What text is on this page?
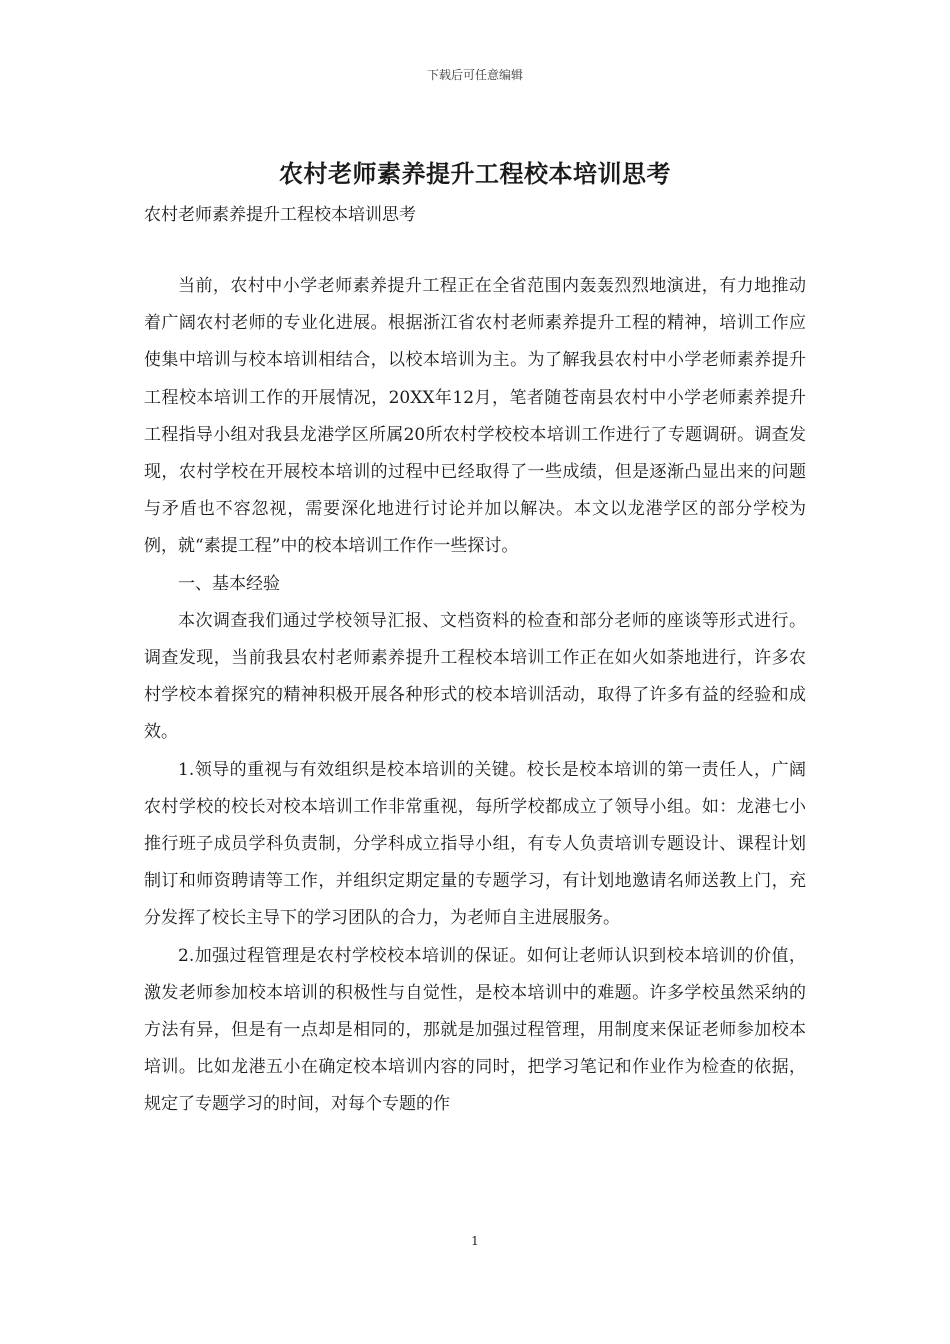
下载后可任意编辑
农村老师素养提升工程校本培训思考
农村老师素养提升工程校本培训思考

当前，农村中小学老师素养提升工程正在全省范围内轰轰烈烈地演进，有力地推动着广阔农村老师的专业化进展。根据浙江省农村老师素养提升工程的精神，培训工作应使集中培训与校本培训相结合，以校本培训为主。为了解我县农村中小学老师素养提升工程校本培训工作的开展情况，20XX年12月，笔者随苍南县农村中小学老师素养提升工程指导小组对我县龙港学区所属20所农村学校校本培训工作进行了专题调研。调查发现，农村学校在开展校本培训的过程中已经取得了一些成绩，但是逐渐凸显出来的问题与矛盾也不容忽视，需要深化地进行讨论并加以解决。本文以龙港学区的部分学校为例，就“素提工程”中的校本培训工作作一些探讨。

一、基本经验

本次调查我们通过学校领导汇报、文档资料的检查和部分老师的座谈等形式进行。调查发现，当前我县农村老师素养提升工程校本培训工作正在如火如荼地进行，许多农村学校本着探究的精神积极开展各种形式的校本培训活动，取得了许多有益的经验和成效。

1.领导的重视与有效组织是校本培训的关键。校长是校本培训的第一责任人，广阔农村学校的校长对校本培训工作非常重视，每所学校都成立了领导小组。如：龙港七小推行班子成员学科负责制，分学科成立指导小组，有专人负责培训专题设计、课程计划制订和师资聘请等工作，并组织定期定量的专题学习，有计划地邀请名师送教上门，充分发挥了校长主导下的学习团队的合力，为老师自主进展服务。

2.加强过程管理是农村学校校本培训的保证。如何让老师认识到校本培训的价值，激发老师参加校本培训的积极性与自觉性，是校本培训中的难题。许多学校虽然采纳的方法有异，但是有一点却是相同的，那就是加强过程管理，用制度来保证老师参加校本培训。比如龙港五小在确定校本培训内容的同时，把学习笔记和作业作为检查的依据，规定了专题学习的时间，对每个专题的作

1
